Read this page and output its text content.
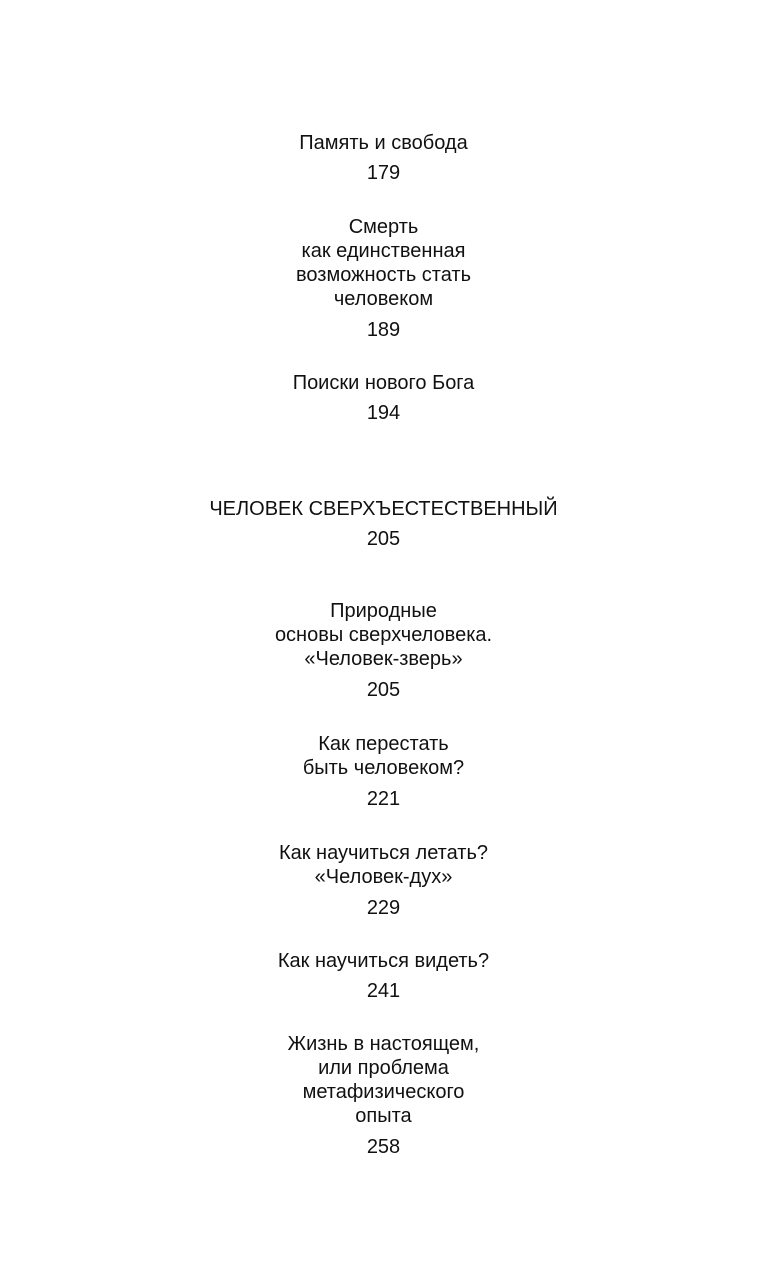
Память и свобода
179
Смерть
как единственная
возможность стать
человеком
189
Поиски нового Бога
194
ЧЕЛОВЕК СВЕРХЪЕСТЕСТВЕННЫЙ
205
Природные
основы сверхчеловека.
«Человек-зверь»
205
Как перестать
быть человеком?
221
Как научиться летать?
«Человек-дух»
229
Как научиться видеть?
241
Жизнь в настоящем,
или проблема
метафизического
опыта
258
